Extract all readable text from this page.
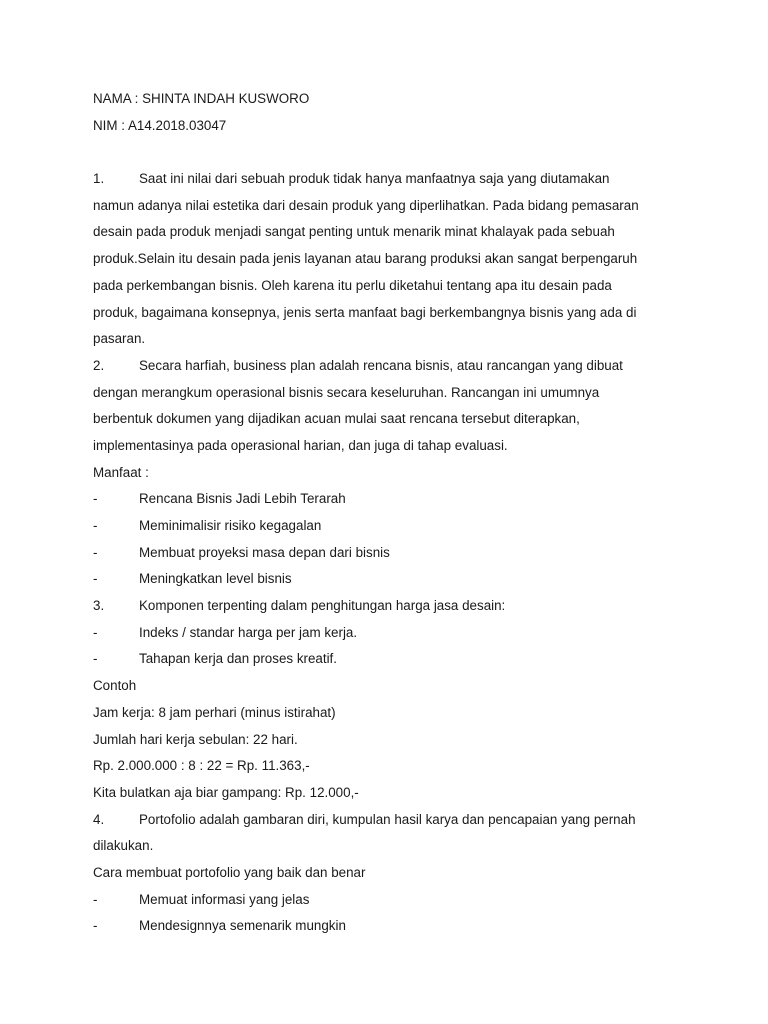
NAMA : SHINTA INDAH KUSWORO
NIM : A14.2018.03047
1.	Saat ini nilai dari sebuah produk tidak hanya manfaatnya saja yang diutamakan
namun adanya nilai estetika dari desain produk yang diperlihatkan. Pada bidang pemasaran
desain pada produk menjadi sangat penting untuk menarik minat khalayak pada sebuah
produk.Selain itu desain pada jenis layanan atau barang produksi akan sangat berpengaruh
pada perkembangan bisnis. Oleh karena itu perlu diketahui tentang apa itu desain pada
produk, bagaimana konsepnya, jenis serta manfaat bagi berkembangnya bisnis yang ada di
pasaran.
2.	Secara harfiah, business plan adalah rencana bisnis, atau rancangan yang dibuat
dengan merangkum operasional bisnis secara keseluruhan. Rancangan ini umumnya
berbentuk dokumen yang dijadikan acuan mulai saat rencana tersebut diterapkan,
implementasinya pada operasional harian, dan juga di tahap evaluasi.
Manfaat :
-	Rencana Bisnis Jadi Lebih Terarah
-	Meminimalisir risiko kegagalan
-	Membuat proyeksi masa depan dari bisnis
-	Meningkatkan level bisnis
3.	Komponen terpenting dalam penghitungan harga jasa desain:
-	Indeks / standar harga per jam kerja.
-	Tahapan kerja dan proses kreatif.
Contoh
Jam kerja: 8 jam perhari (minus istirahat)
Jumlah hari kerja sebulan: 22 hari.
Rp. 2.000.000 : 8 : 22 = Rp. 11.363,-
Kita bulatkan aja biar gampang: Rp. 12.000,-
4.	Portofolio adalah gambaran diri, kumpulan hasil karya dan pencapaian yang pernah
dilakukan.
Cara membuat portofolio yang baik dan benar
-	Memuat informasi yang jelas
-	Mendesignnya semenarik mungkin
